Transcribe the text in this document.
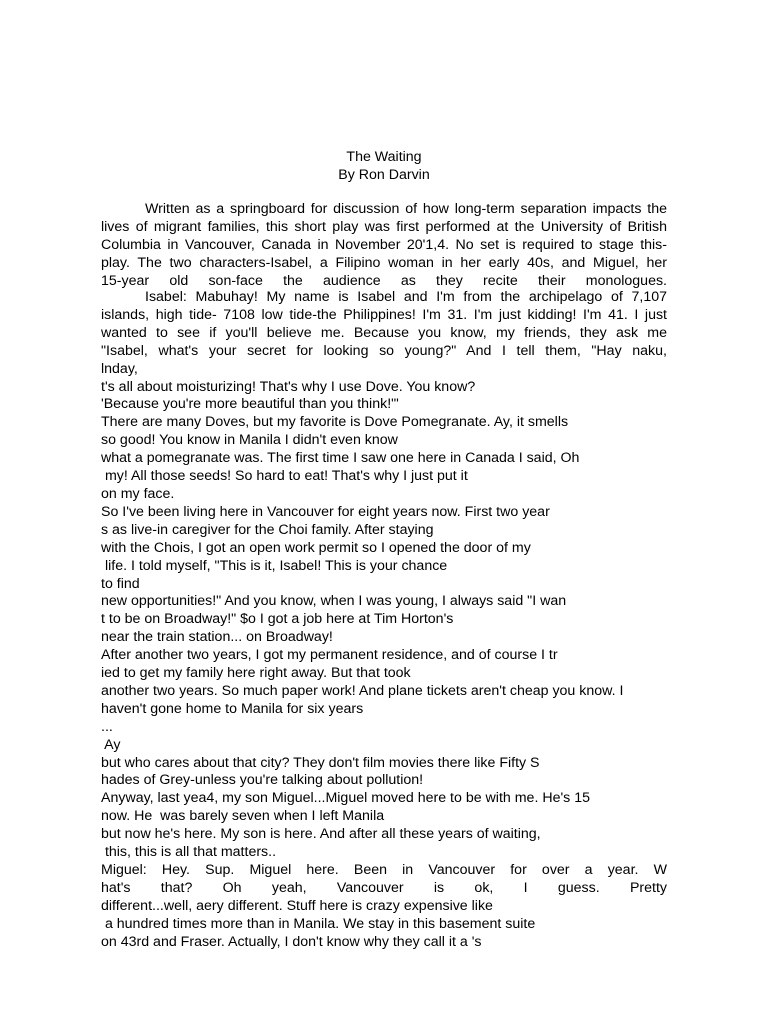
The Waiting
By Ron Darvin
Written as a springboard for discussion of how long-term separation impacts the
lives of migrant families, this short play was first performed at the University of British
Columbia in Vancouver, Canada in November 20'1,4. No set is required to stage this-
play. The two characters-Isabel, a Filipino woman in her early 40s, and Miguel, her
15-year old son-face the audience as they recite their monologues.
Isabel: Mabuhay! My name is Isabel and I'm from the archipelago of 7,107
islands, high tide- 7108 low tide-the Philippines! I'm 31. I'm just kidding! I'm 41. I just
wanted to see if you'll believe me. Because you know, my friends, they ask me
"Isabel, what's your secret for looking so young?" And I tell them, "Hay naku,
lnday,
t's all about moisturizing! That's why I use Dove. You know?
'Because you're more beautiful than you think!"'
There are many Doves, but my favorite is Dove Pomegranate. Ay, it smells
so good! You know in Manila I didn't even know
what a pomegranate was. The first time I saw one here in Canada I said, Oh
my! All those seeds! So hard to eat! That's why I just put it
on my face.
So I've been living here in Vancouver for eight years now. First two year
s as live-in caregiver for the Choi family. After staying
with the Chois, I got an open work permit so I opened the door of my
life. I told myself, "This is it, Isabel! This is your chance
to find
new opportunities!" And you know, when I was young, I always said "I wan
t to be on Broadway!" $o I got a job here at Tim Horton's
near the train station... on Broadway!
After another two years, I got my permanent residence, and of course I tr
ied to get my family here right away. But that took
another two years. So much paper work! And plane tickets aren't cheap you know. I
haven't gone home to Manila for six years
...
Ay
but who cares about that city? They don't film movies there like Fifty S
hades of Grey-unless you're talking about pollution!
Anyway, last yea4, my son Miguel...Miguel moved here to be with me. He's 15
now. He  was barely seven when I left Manila
but now he's here. My son is here. And after all these years of waiting,
this, this is all that matters..
Miguel: Hey. Sup. Miguel here. Been in Vancouver for over a year. W
hat's that? Oh yeah, Vancouver is ok, I guess. Pretty
different...well, aery different. Stuff here is crazy expensive like
a hundred times more than in Manila. We stay in this basement suite
on 43rd and Fraser. Actually, I don't know why they call it a 's
